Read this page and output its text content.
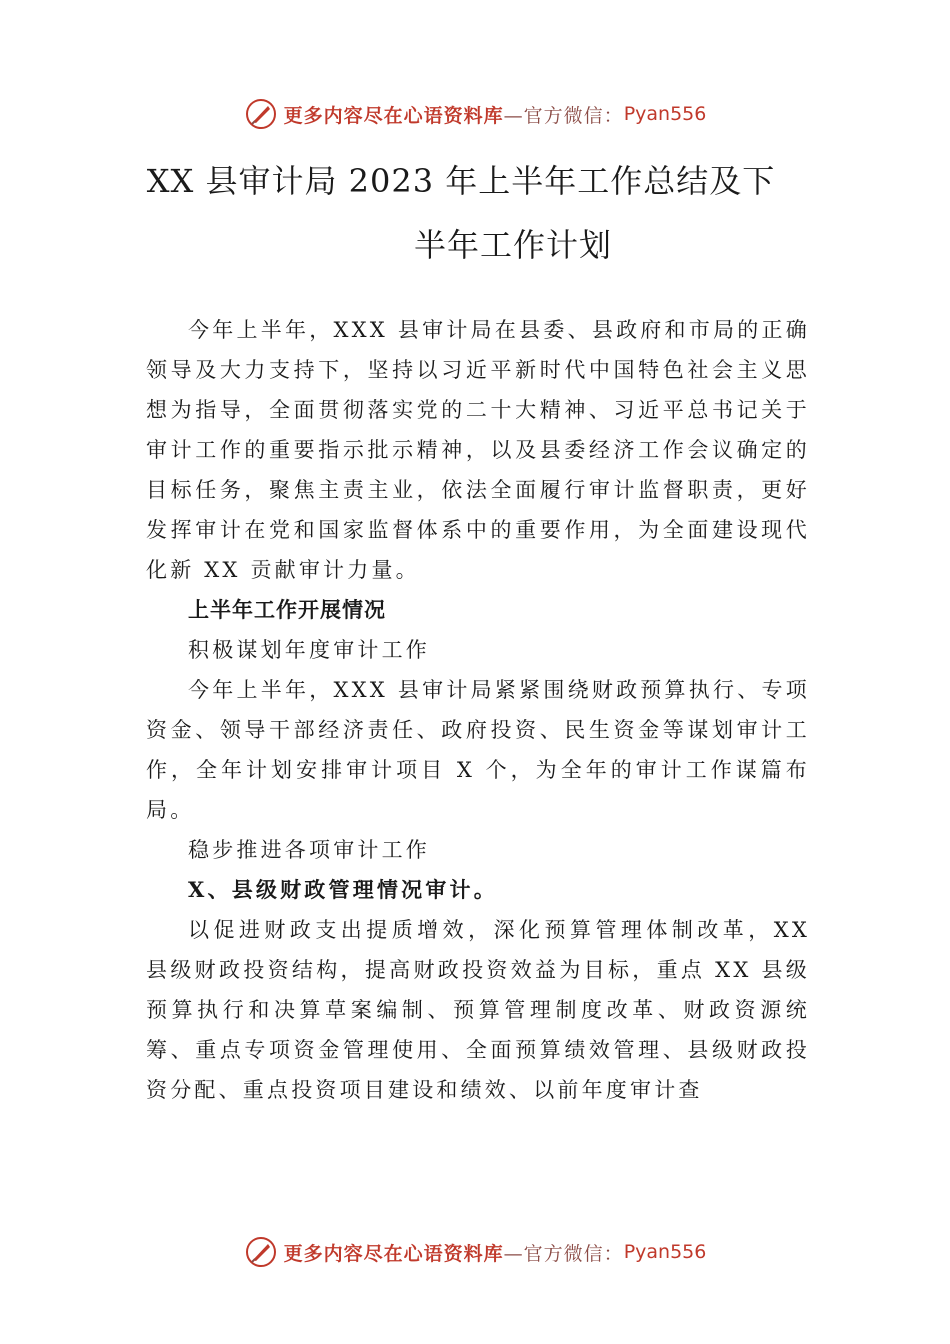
更多内容尽在心语资料库 —官方微信： Pyan556
XX 县审计局 2023 年上半年工作总结及下
半年工作计划

今年上半年，XXX 县审计局在县委、县政府和市局的正确领导及大力支持下，坚持以习近平新时代中国特色社会主义思想为指导，全面贯彻落实党的二十大精神、习近平总书记关于审计工作的重要指示批示精神，以及县委经济工作会议确定的目标任务，聚焦主责主业，依法全面履行审计监督职责，更好发挥审计在党和国家监督体系中的重要作用，为全面建设现代化新 XX 贡献审计力量。

上半年工作开展情况

积极谋划年度审计工作

今年上半年，XXX 县审计局紧紧围绕财政预算执行、专项资金、领导干部经济责任、政府投资、民生资金等谋划审计工作，全年计划安排审计项目 X 个，为全年的审计工作谋篇布局。

稳步推进各项审计工作

X、县级财政管理情况审计。

以促进财政支出提质增效，深化预算管理体制改革，XX 县级财政投资结构，提高财政投资效益为目标，重点 XX 县级预算执行和决算草案编制、预算管理制度改革、财政资源统筹、重点专项资金管理使用、全面预算绩效管理、县级财政投资分配、重点投资项目建设和绩效、以前年度审计查

更多内容尽在心语资料库 —官方微信： Pyan556
